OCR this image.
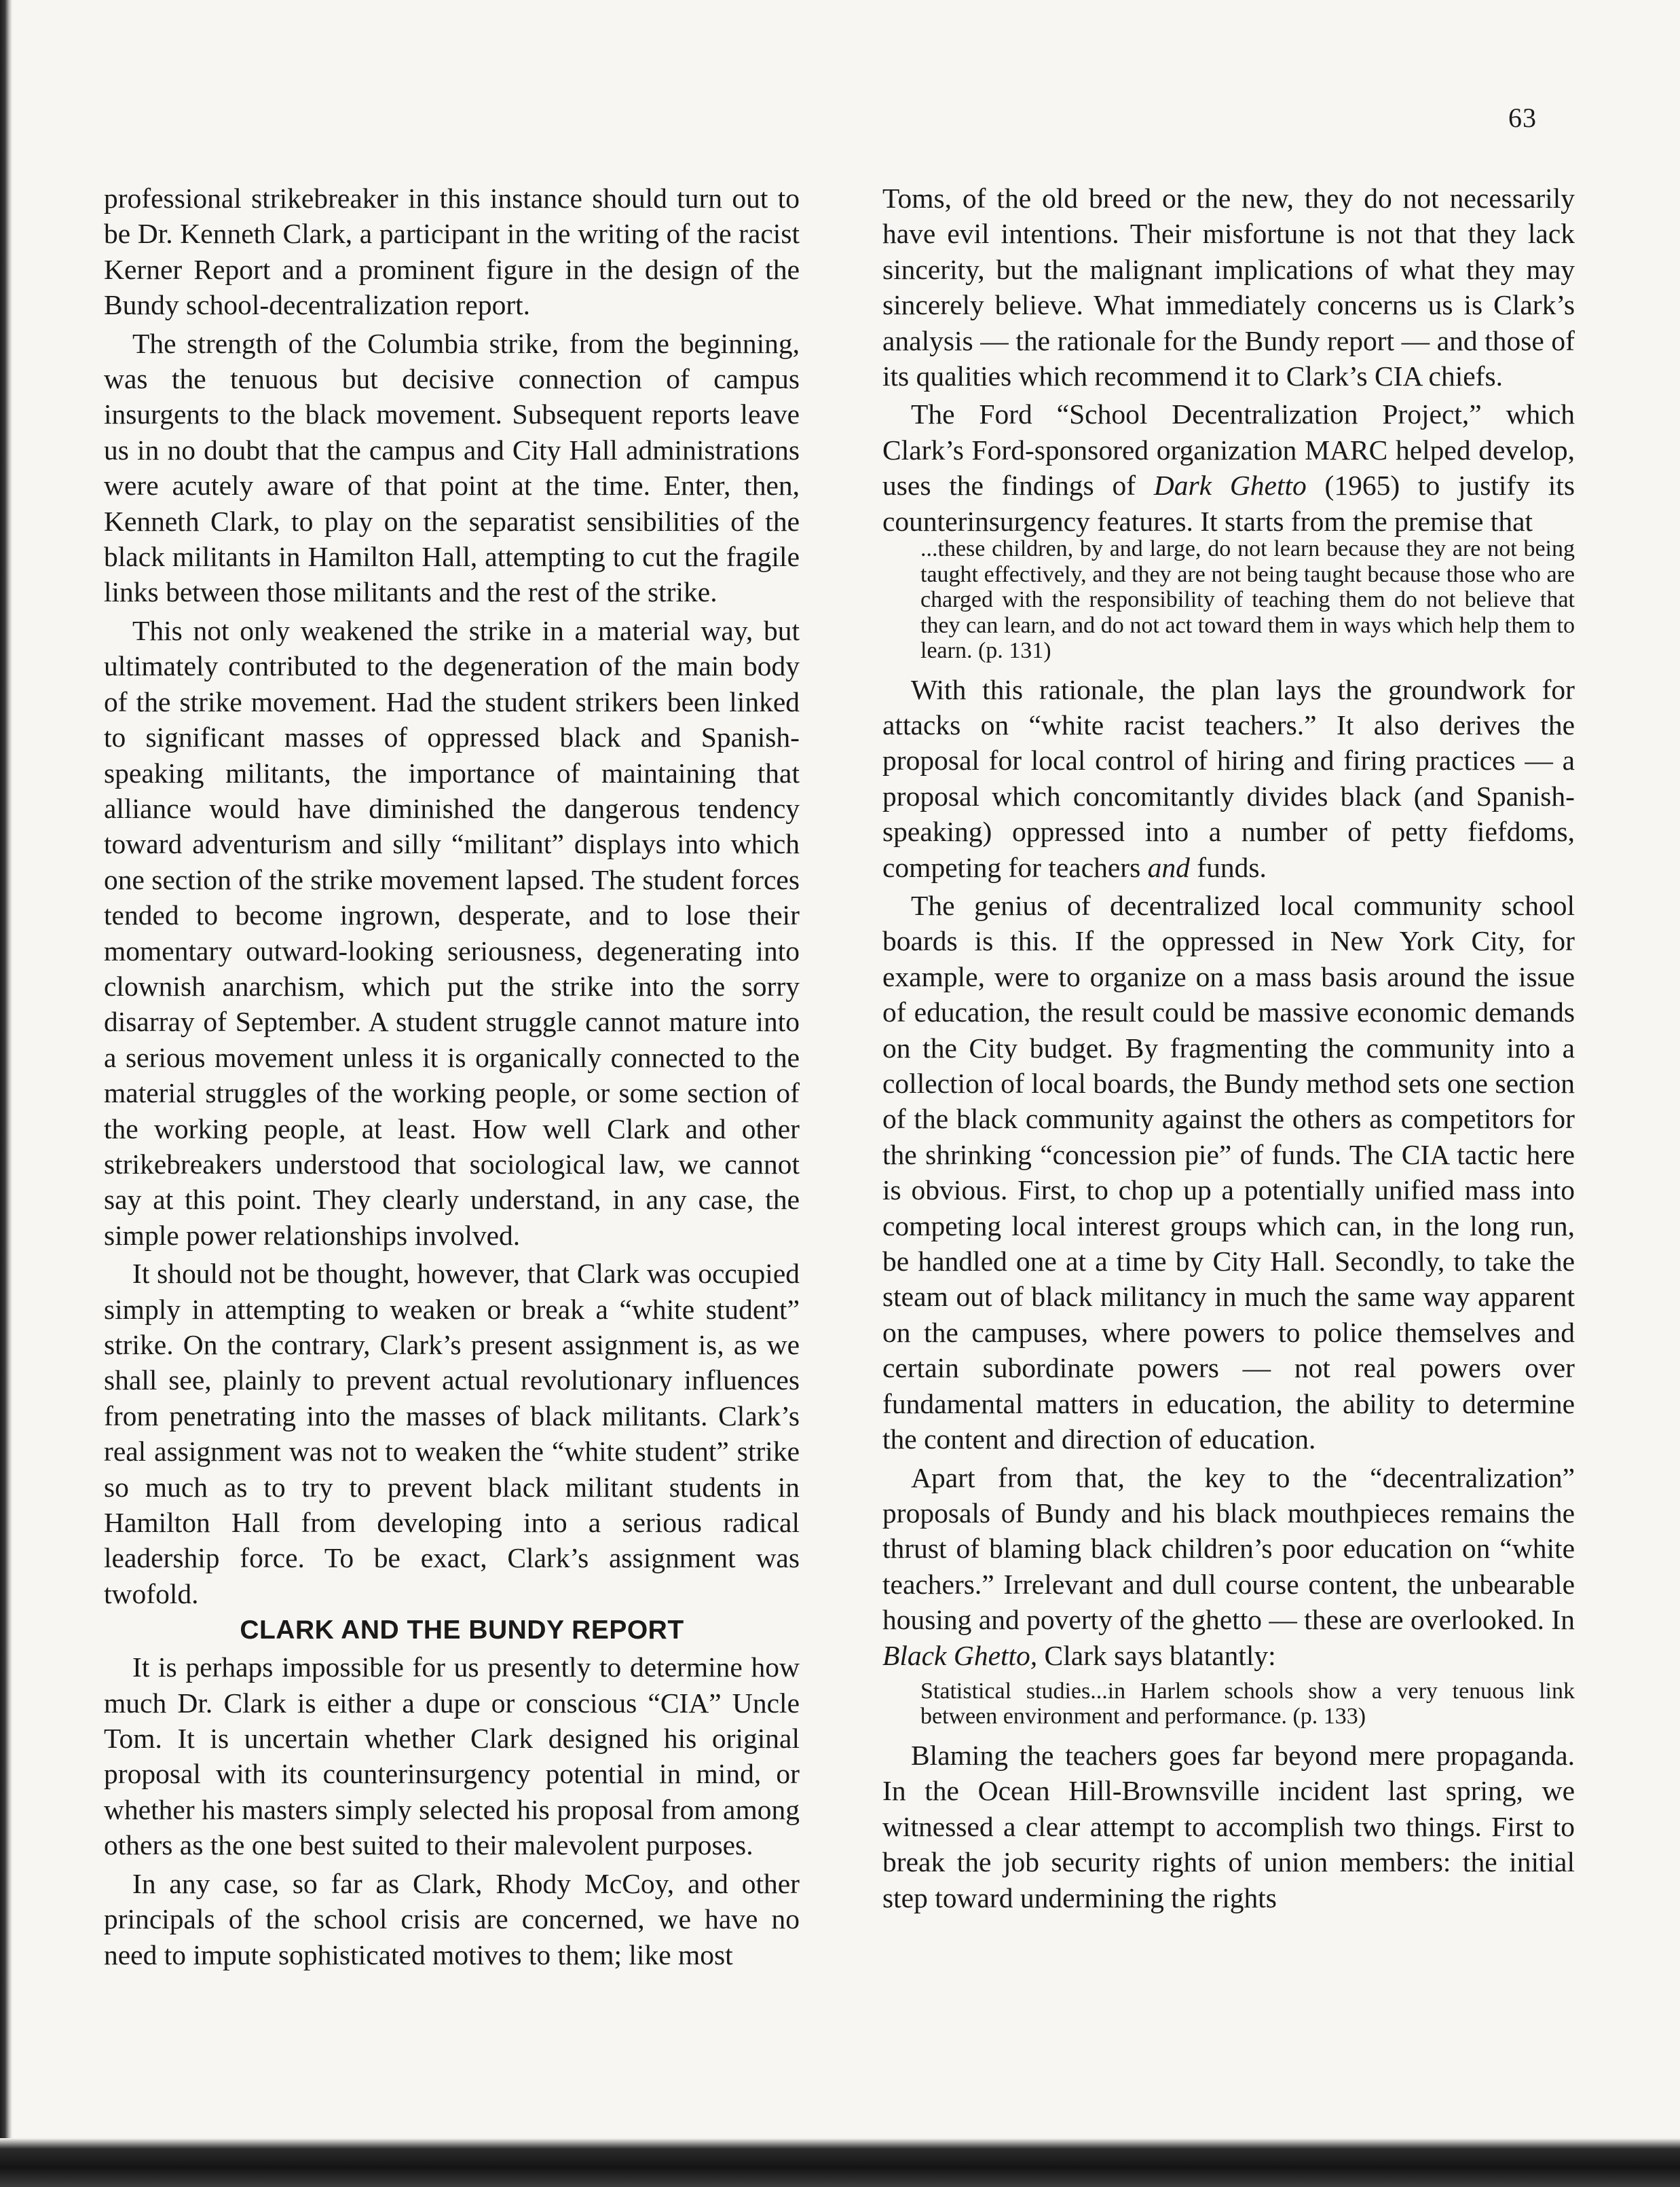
63

professional strikebreaker in this instance should turn out to be Dr. Kenneth Clark, a participant in the writing of the racist Kerner Report and a prominent figure in the design of the Bundy school-decentralization report.

The strength of the Columbia strike, from the beginning, was the tenuous but decisive connection of campus insurgents to the black movement. Subsequent reports leave us in no doubt that the campus and City Hall administrations were acutely aware of that point at the time. Enter, then, Kenneth Clark, to play on the separatist sensibilities of the black militants in Hamilton Hall, attempting to cut the fragile links between those militants and the rest of the strike.

This not only weakened the strike in a material way, but ultimately contributed to the degeneration of the main body of the strike movement. Had the student strikers been linked to significant masses of oppressed black and Spanish-speaking militants, the importance of maintaining that alliance would have diminished the dangerous tendency toward adventurism and silly “militant” displays into which one section of the strike movement lapsed. The student forces tended to become ingrown, desperate, and to lose their momentary outward-looking seriousness, degenerating into clownish anarchism, which put the strike into the sorry disarray of September. A student struggle cannot mature into a serious movement unless it is organically connected to the material struggles of the working people, or some section of the working people, at least. How well Clark and other strikebreakers understood that sociological law, we cannot say at this point. They clearly understand, in any case, the simple power relationships involved.

It should not be thought, however, that Clark was occupied simply in attempting to weaken or break a “white student” strike. On the contrary, Clark’s present assignment is, as we shall see, plainly to prevent actual revolutionary influences from penetrating into the masses of black militants. Clark’s real assignment was not to weaken the “white student” strike so much as to try to prevent black militant students in Hamilton Hall from developing into a serious radical leadership force. To be exact, Clark’s assignment was twofold.

CLARK AND THE BUNDY REPORT

It is perhaps impossible for us presently to determine how much Dr. Clark is either a dupe or conscious “CIA” Uncle Tom. It is uncertain whether Clark designed his original proposal with its counterinsurgency potential in mind, or whether his masters simply selected his proposal from among others as the one best suited to their malevolent purposes.

In any case, so far as Clark, Rhody McCoy, and other principals of the school crisis are concerned, we have no need to impute sophisticated motives to them; like most

Toms, of the old breed or the new, they do not necessarily have evil intentions. Their misfortune is not that they lack sincerity, but the malignant implications of what they may sincerely believe. What immediately concerns us is Clark’s analysis — the rationale for the Bundy report — and those of its qualities which recommend it to Clark’s CIA chiefs.

The Ford “School Decentralization Project,” which Clark’s Ford-sponsored organization MARC helped develop, uses the findings of Dark Ghetto (1965) to justify its counterinsurgency features. It starts from the premise that

...these children, by and large, do not learn because they are not being taught effectively, and they are not being taught because those who are charged with the responsibility of teaching them do not believe that they can learn, and do not act toward them in ways which help them to learn. (p. 131)

With this rationale, the plan lays the groundwork for attacks on “white racist teachers.” It also derives the proposal for local control of hiring and firing practices — a proposal which concomitantly divides black (and Spanish-speaking) oppressed into a number of petty fiefdoms, competing for teachers and funds.

The genius of decentralized local community school boards is this. If the oppressed in New York City, for example, were to organize on a mass basis around the issue of education, the result could be massive economic demands on the City budget. By fragmenting the community into a collection of local boards, the Bundy method sets one section of the black community against the others as competitors for the shrinking “concession pie” of funds. The CIA tactic here is obvious. First, to chop up a potentially unified mass into competing local interest groups which can, in the long run, be handled one at a time by City Hall. Secondly, to take the steam out of black militancy in much the same way apparent on the campuses, where powers to police themselves and certain subordinate powers — not real powers over fundamental matters in education, the ability to determine the content and direction of education.

Apart from that, the key to the “decentralization” proposals of Bundy and his black mouthpieces remains the thrust of blaming black children’s poor education on “white teachers.” Irrelevant and dull course content, the unbearable housing and poverty of the ghetto — these are overlooked. In Black Ghetto, Clark says blatantly:

Statistical studies...in Harlem schools show a very tenuous link between environment and performance. (p. 133)

Blaming the teachers goes far beyond mere propaganda. In the Ocean Hill-Brownsville incident last spring, we witnessed a clear attempt to accomplish two things. First to break the job security rights of union members: the initial step toward undermining the rights
